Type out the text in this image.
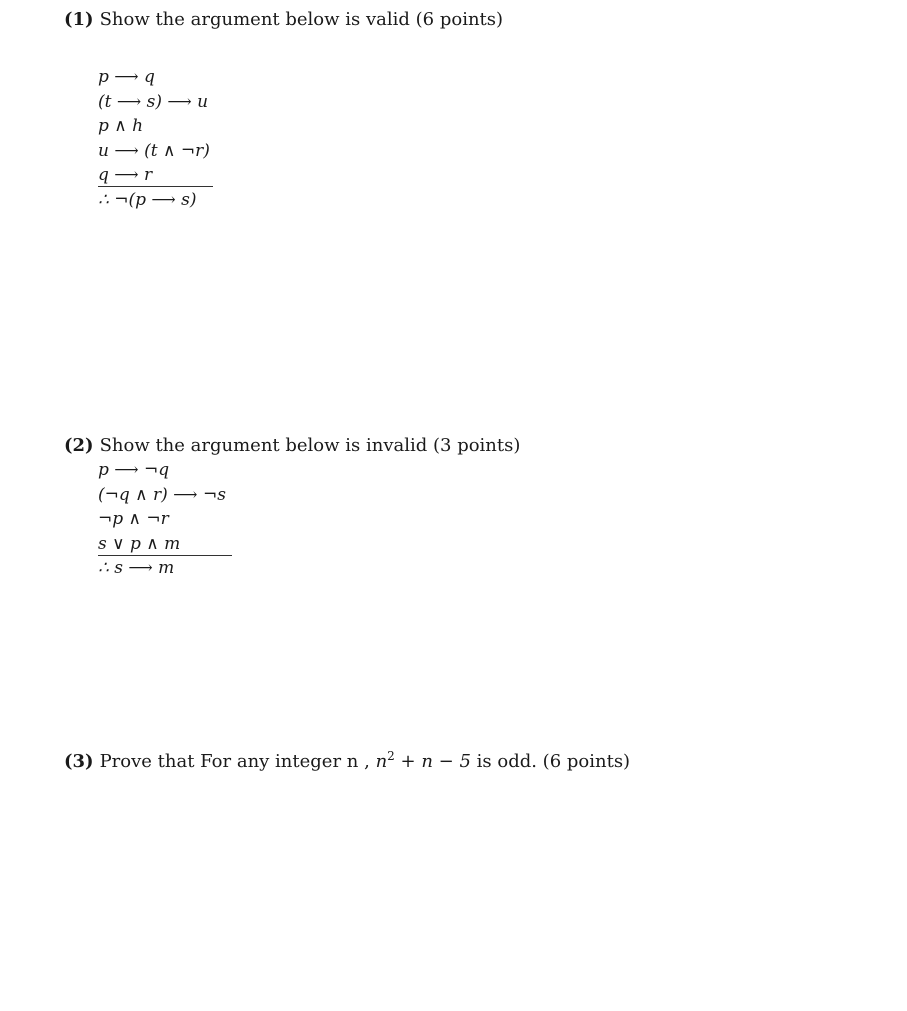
(1) Show the argument below is valid (6 points)
p ⟶ q
(t ⟶ s) ⟶ u
p ∧ h
u ⟶ (t ∧ ¬r)
q ⟶ r
∴ ¬(p ⟶ s)
(2) Show the argument below is invalid (3 points)
p ⟶ ¬q
(¬q ∧ r) ⟶ ¬s
¬p ∧ ¬r
s ∨ p ∧ m
∴ s ⟶ m
(3) Prove that For any integer n , $n^2 + n - 5$ is odd. (6 points)
